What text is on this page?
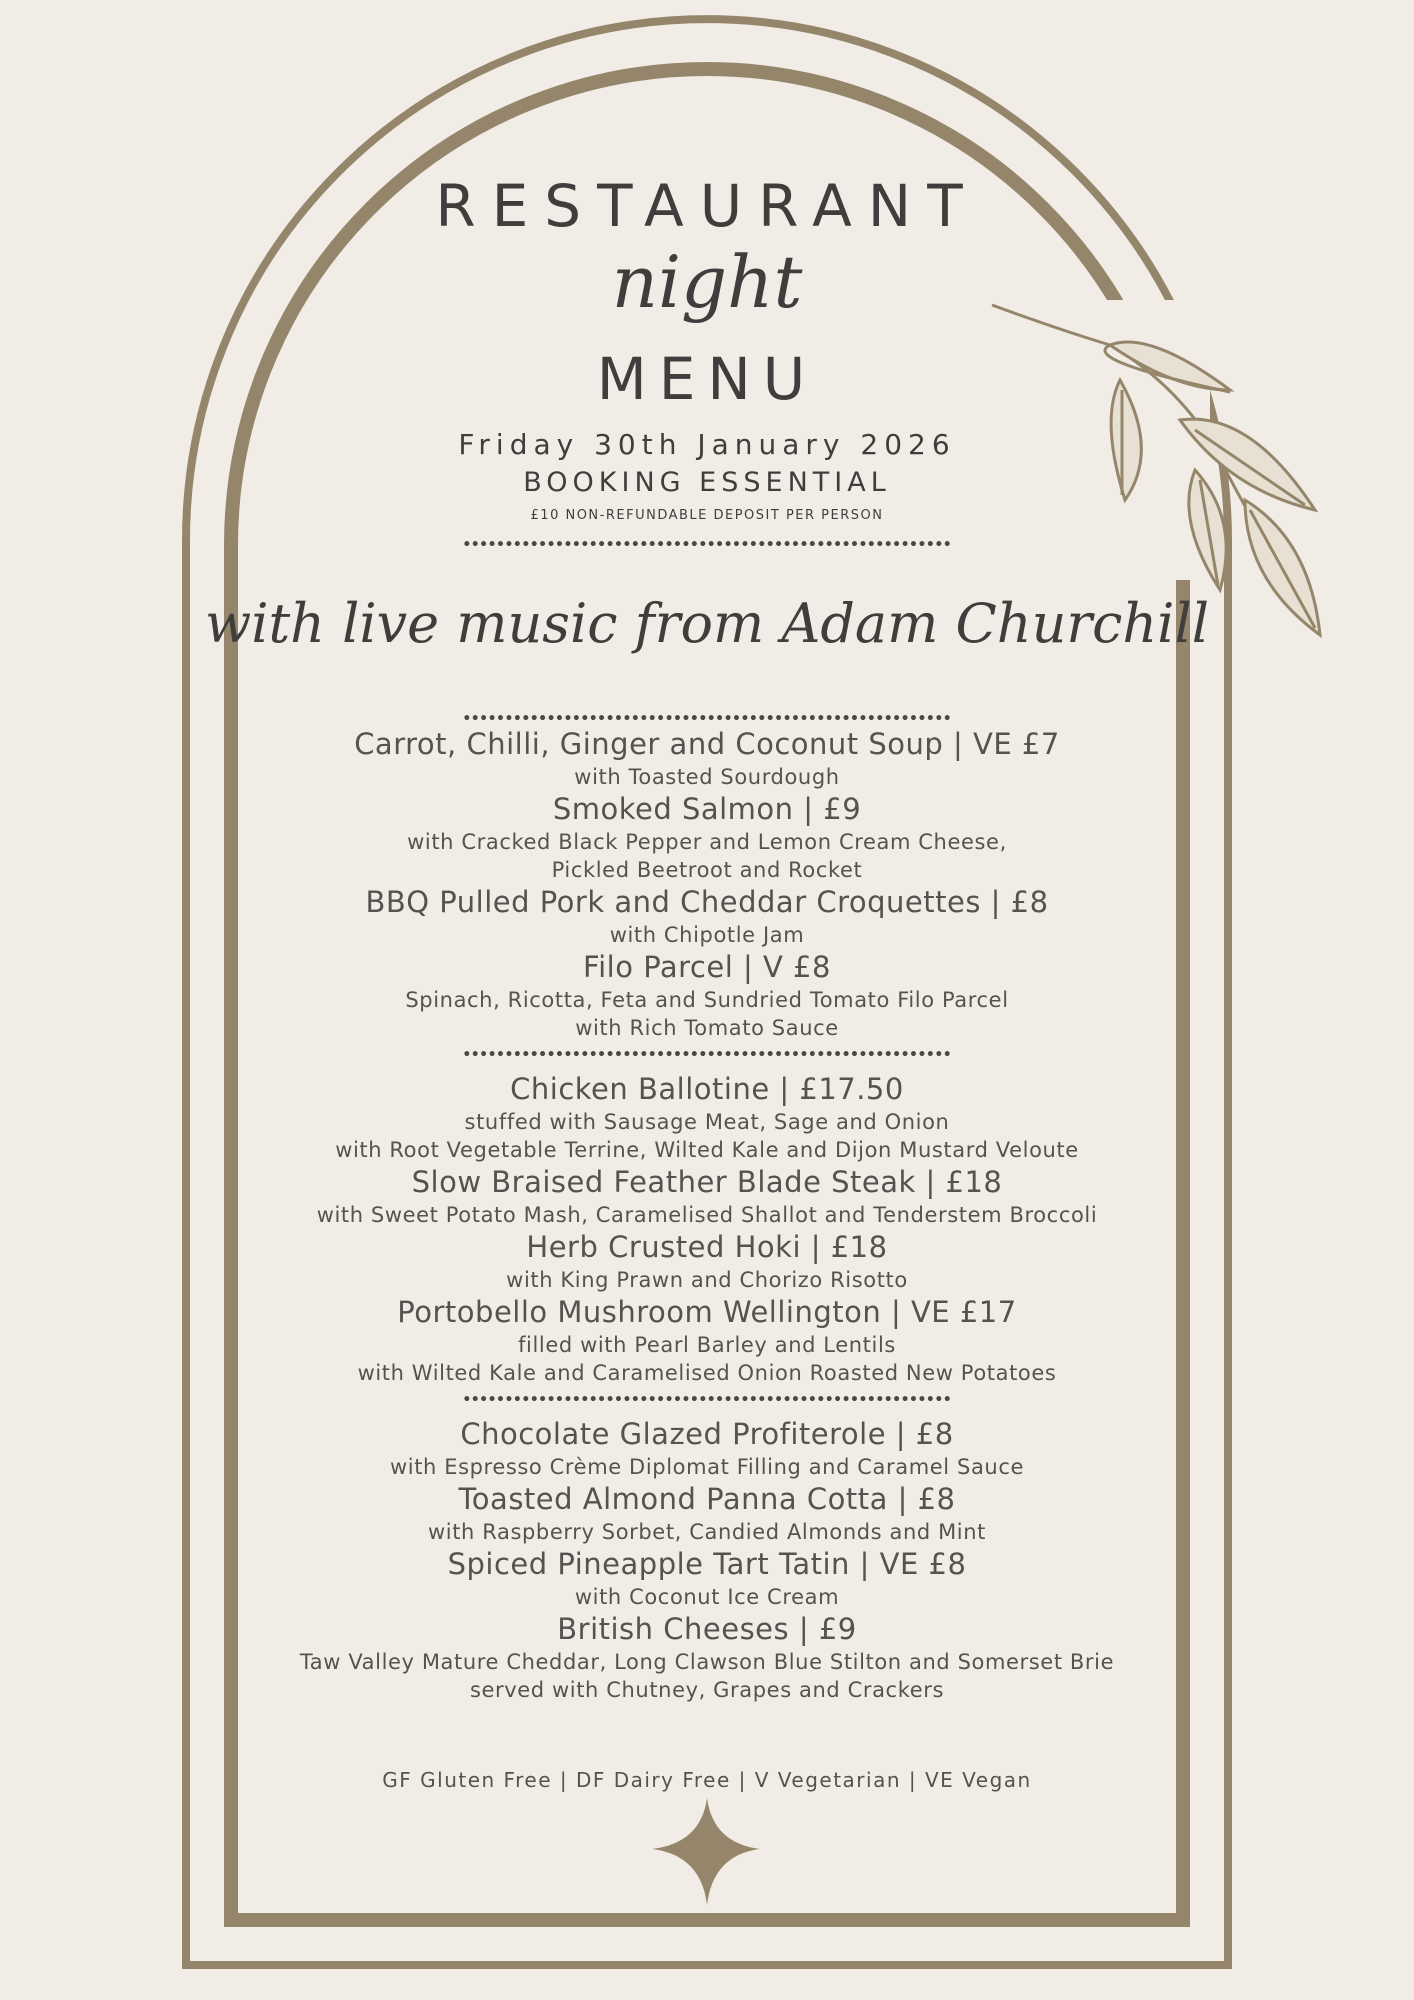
RESTAURANT
night
MENU
Friday 30th January 2026
BOOKING ESSENTIAL
£10 NON-REFUNDABLE DEPOSIT PER PERSON
••••••••••••••••••••••••••••••••••••••••••••••••••••••••••
with live music from Adam Churchill
••••••••••••••••••••••••••••••••••••••••••••••••••••••••••
Carrot, Chilli, Ginger and Coconut Soup | VE £7
with Toasted Sourdough
Smoked Salmon | £9
with Cracked Black Pepper and Lemon Cream Cheese,
Pickled Beetroot and Rocket
BBQ Pulled Pork and Cheddar Croquettes | £8
with Chipotle Jam
Filo Parcel | V £8
Spinach, Ricotta, Feta and Sundried Tomato Filo Parcel
with Rich Tomato Sauce
••••••••••••••••••••••••••••••••••••••••••••••••••••••••••
Chicken Ballotine | £17.50
stuffed with Sausage Meat, Sage and Onion
with Root Vegetable Terrine, Wilted Kale and Dijon Mustard Veloute
Slow Braised Feather Blade Steak | £18
with Sweet Potato Mash, Caramelised Shallot and Tenderstem Broccoli
Herb Crusted Hoki | £18
with King Prawn and Chorizo Risotto
Portobello Mushroom Wellington | VE £17
filled with Pearl Barley and Lentils
with Wilted Kale and Caramelised Onion Roasted New Potatoes
••••••••••••••••••••••••••••••••••••••••••••••••••••••••••
Chocolate Glazed Profiterole | £8
with Espresso Crème Diplomat Filling and Caramel Sauce
Toasted Almond Panna Cotta | £8
with Raspberry Sorbet, Candied Almonds and Mint
Spiced Pineapple Tart Tatin | VE £8
with Coconut Ice Cream
British Cheeses | £9
Taw Valley Mature Cheddar, Long Clawson Blue Stilton and Somerset Brie
served with Chutney, Grapes and Crackers
GF Gluten Free | DF Dairy Free | V Vegetarian | VE Vegan
